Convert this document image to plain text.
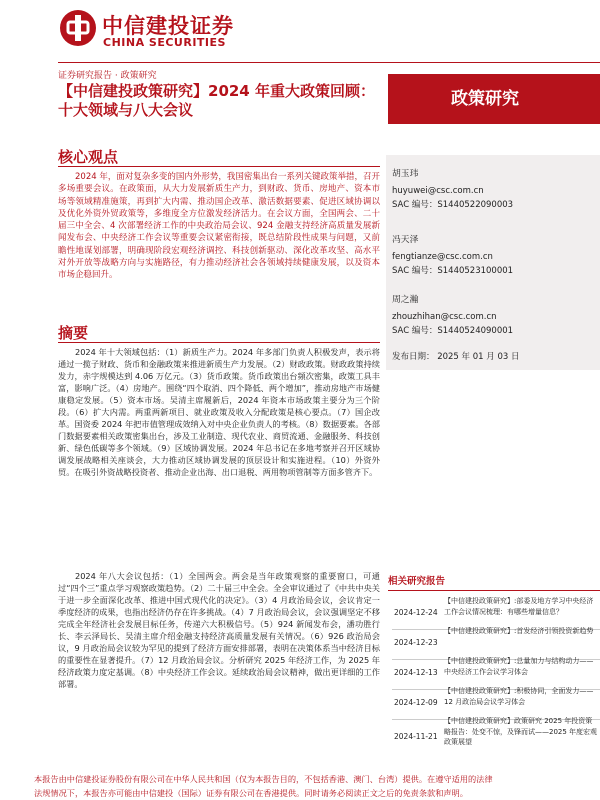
中信建投证券
CHINA SECURITIES
证券研究报告 · 政策研究
【中信建投政策研究】2024 年重大政策回顾：十大领域与八大会议
政策研究
核心观点
2024 年，面对复杂多变的国内外形势，我国密集出台一系列关键政策举措，召开多场重要会议。在政策面，从大力发展新质生产力，到财政、货币、房地产、资本市场等领域精准施策，再到扩大内需、推动国企改革、激活数据要素、促进区域协调以及优化外资外贸政策等，多维度全方位激发经济活力。在会议方面，全国两会、二十届三中全会、4 次部署经济工作的中央政治局会议、924 金融支持经济高质量发展新闻发布会、中央经济工作会议等重要会议紧密衔接，既总结阶段性成果与问题，又前瞻性地谋划部署，明确现阶段宏观经济调控、科技创新驱动、深化改革攻坚、高水平对外开放等战略方向与实施路径，有力推动经济社会各领域持续健康发展，以及资本市场企稳回升。
摘要
2024 年十大领域包括：（1）新质生产力。2024 年多部门负责人积极发声，表示将通过一揽子财政、货币和金融政策来推进新质生产力发展。（2）财政政策。财政政策持续发力，赤字规模达到 4.06 万亿元。（3）货币政策。货币政策出台頻次密集，政策工具丰富，影响广泛。（4）房地产。围绕“四个取消、四个降低、两个增加”，推动房地产市场健康稳定发展。（5）资本市场。吴清主席履新后，2024 年资本市场政策主要分为三个阶段。（6）扩大内需。两重两新项目、就业政策及收入分配政策是核心要点。（7）国企改革。国资委 2024 年把市值管理成效纳入对中央企业负责人的考核。（8）数据要素。各部门数据要素相关政策密集出台，涉及工业制造、现代农业、商贸流通、金融服务、科技创新、绿色低碳等多个领域。（9）区域协调发展。2024 年总书记在多地考察并召开区域协调发展战略相关座谈会，大力推动区域协调发展的顶层设计和实施进程。（10）外资外贸。在吸引外资战略投资者、推动企业出海、出口退税、两用物项管制等方面多管齐下。
2024 年八大会议包括：（1）全国两会。两会是当年政策观察的重要窗口，可通过“四个三”重点学习观察政策趋势。（2）二十届三中全会。全会审议通过了《中共中央关于进一步全面深化改革、推进中国式现代化的决定》。（3）4 月政治局会议，会议肯定一季度经济的成果，也指出经济仍存在许多挑战。（4）7 月政治局会议，会议强调坚定不移完成全年经济社会发展目标任务，传递六大积极信号。（5）924 新闻发布会，潘功胜行长、李云泽局长、吴清主席介绍金融支持经济高质量发展有关情况。（6）926 政治局会议，9 月政治局会议较为罕见的提到了经济方面安排部署，表明在决策体系当中经济目标的重要性在显著提升。（7）12 月政治局会议。分析研究 2025 年经济工作，为 2025 年经济政策力度定基调。（8）中央经济工作会议。延续政治局会议精神，做出更详细的工作部署。
胡玉玮
huyuwei@csc.com.cn
SAC 编号：S1440522090003
冯天泽
fengtianze@csc.com.cn
SAC 编号：S1440523100001
周之瀚
zhouzhihan@csc.com.cn
SAC 编号：S1440524090001
发布日期： 2025 年 01 月 03 日
相关研究报告
2024-12-24
【中信建投政策研究】:部委及地方学习中央经济工作会议情况梳理：有哪些增量信息？
2024-12-23
【中信建投政策研究】:首发经济引领投资新趋势
2024-12-13
【中信建投政策研究】:总量加力与结构动力——中央经济工作会议学习体会
2024-12-09
【中信建投政策研究】:积极协同，全面发力——12 月政治局会议学习体会
2024-11-21
【中信建投政策研究】政策研究 2025 年投资策略报告：处变不惊，及锋而试——2025 年度宏观政策展望
本报告由中信建投证券股份有限公司在中华人民共和国（仅为本报告目的，不包括香港、澳门、台湾）提供。在遵守适用的法律
法规情况下，本报告亦可能由中信建投（国际）证券有限公司在香港提供。同时请务必阅读正文之后的免责条款和声明。
